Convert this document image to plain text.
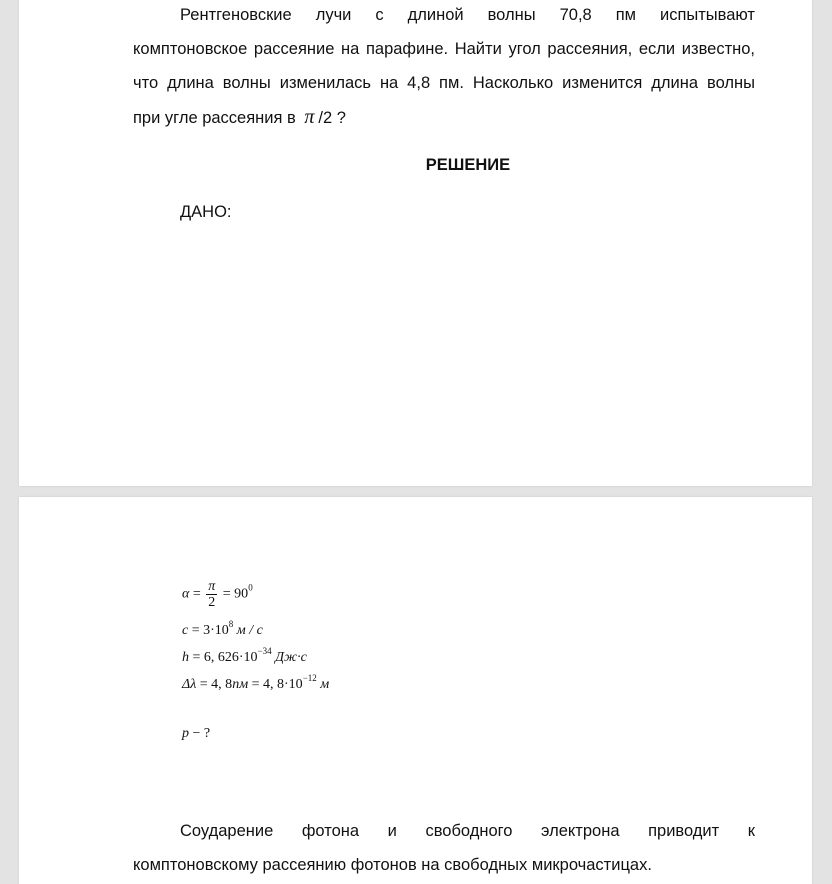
Рентгеновские лучи с длиной волны 70,8 пм испытывают
комптоновское рассеяние на парафине. Найти угол рассеяния, если известно,
что длина волны изменилась на 4,8 пм. Насколько изменится длина волны
при угле рассеяния в π /2 ?
РЕШЕНИЕ
ДАНО:
$\alpha = \frac{\pi}{2} = 90^0$
$c = 3\cdot 10^8$ м / с
h = 6, $626\cdot 10^{-34}$ Дж·с
Δλ = 4, 8пм = 4, $8\cdot 10^{-12}$ м
p − ?
Соударение фотона и свободного электрона приводит к
комптоновскому рассеянию фотонов на свободных микрочастицах.
